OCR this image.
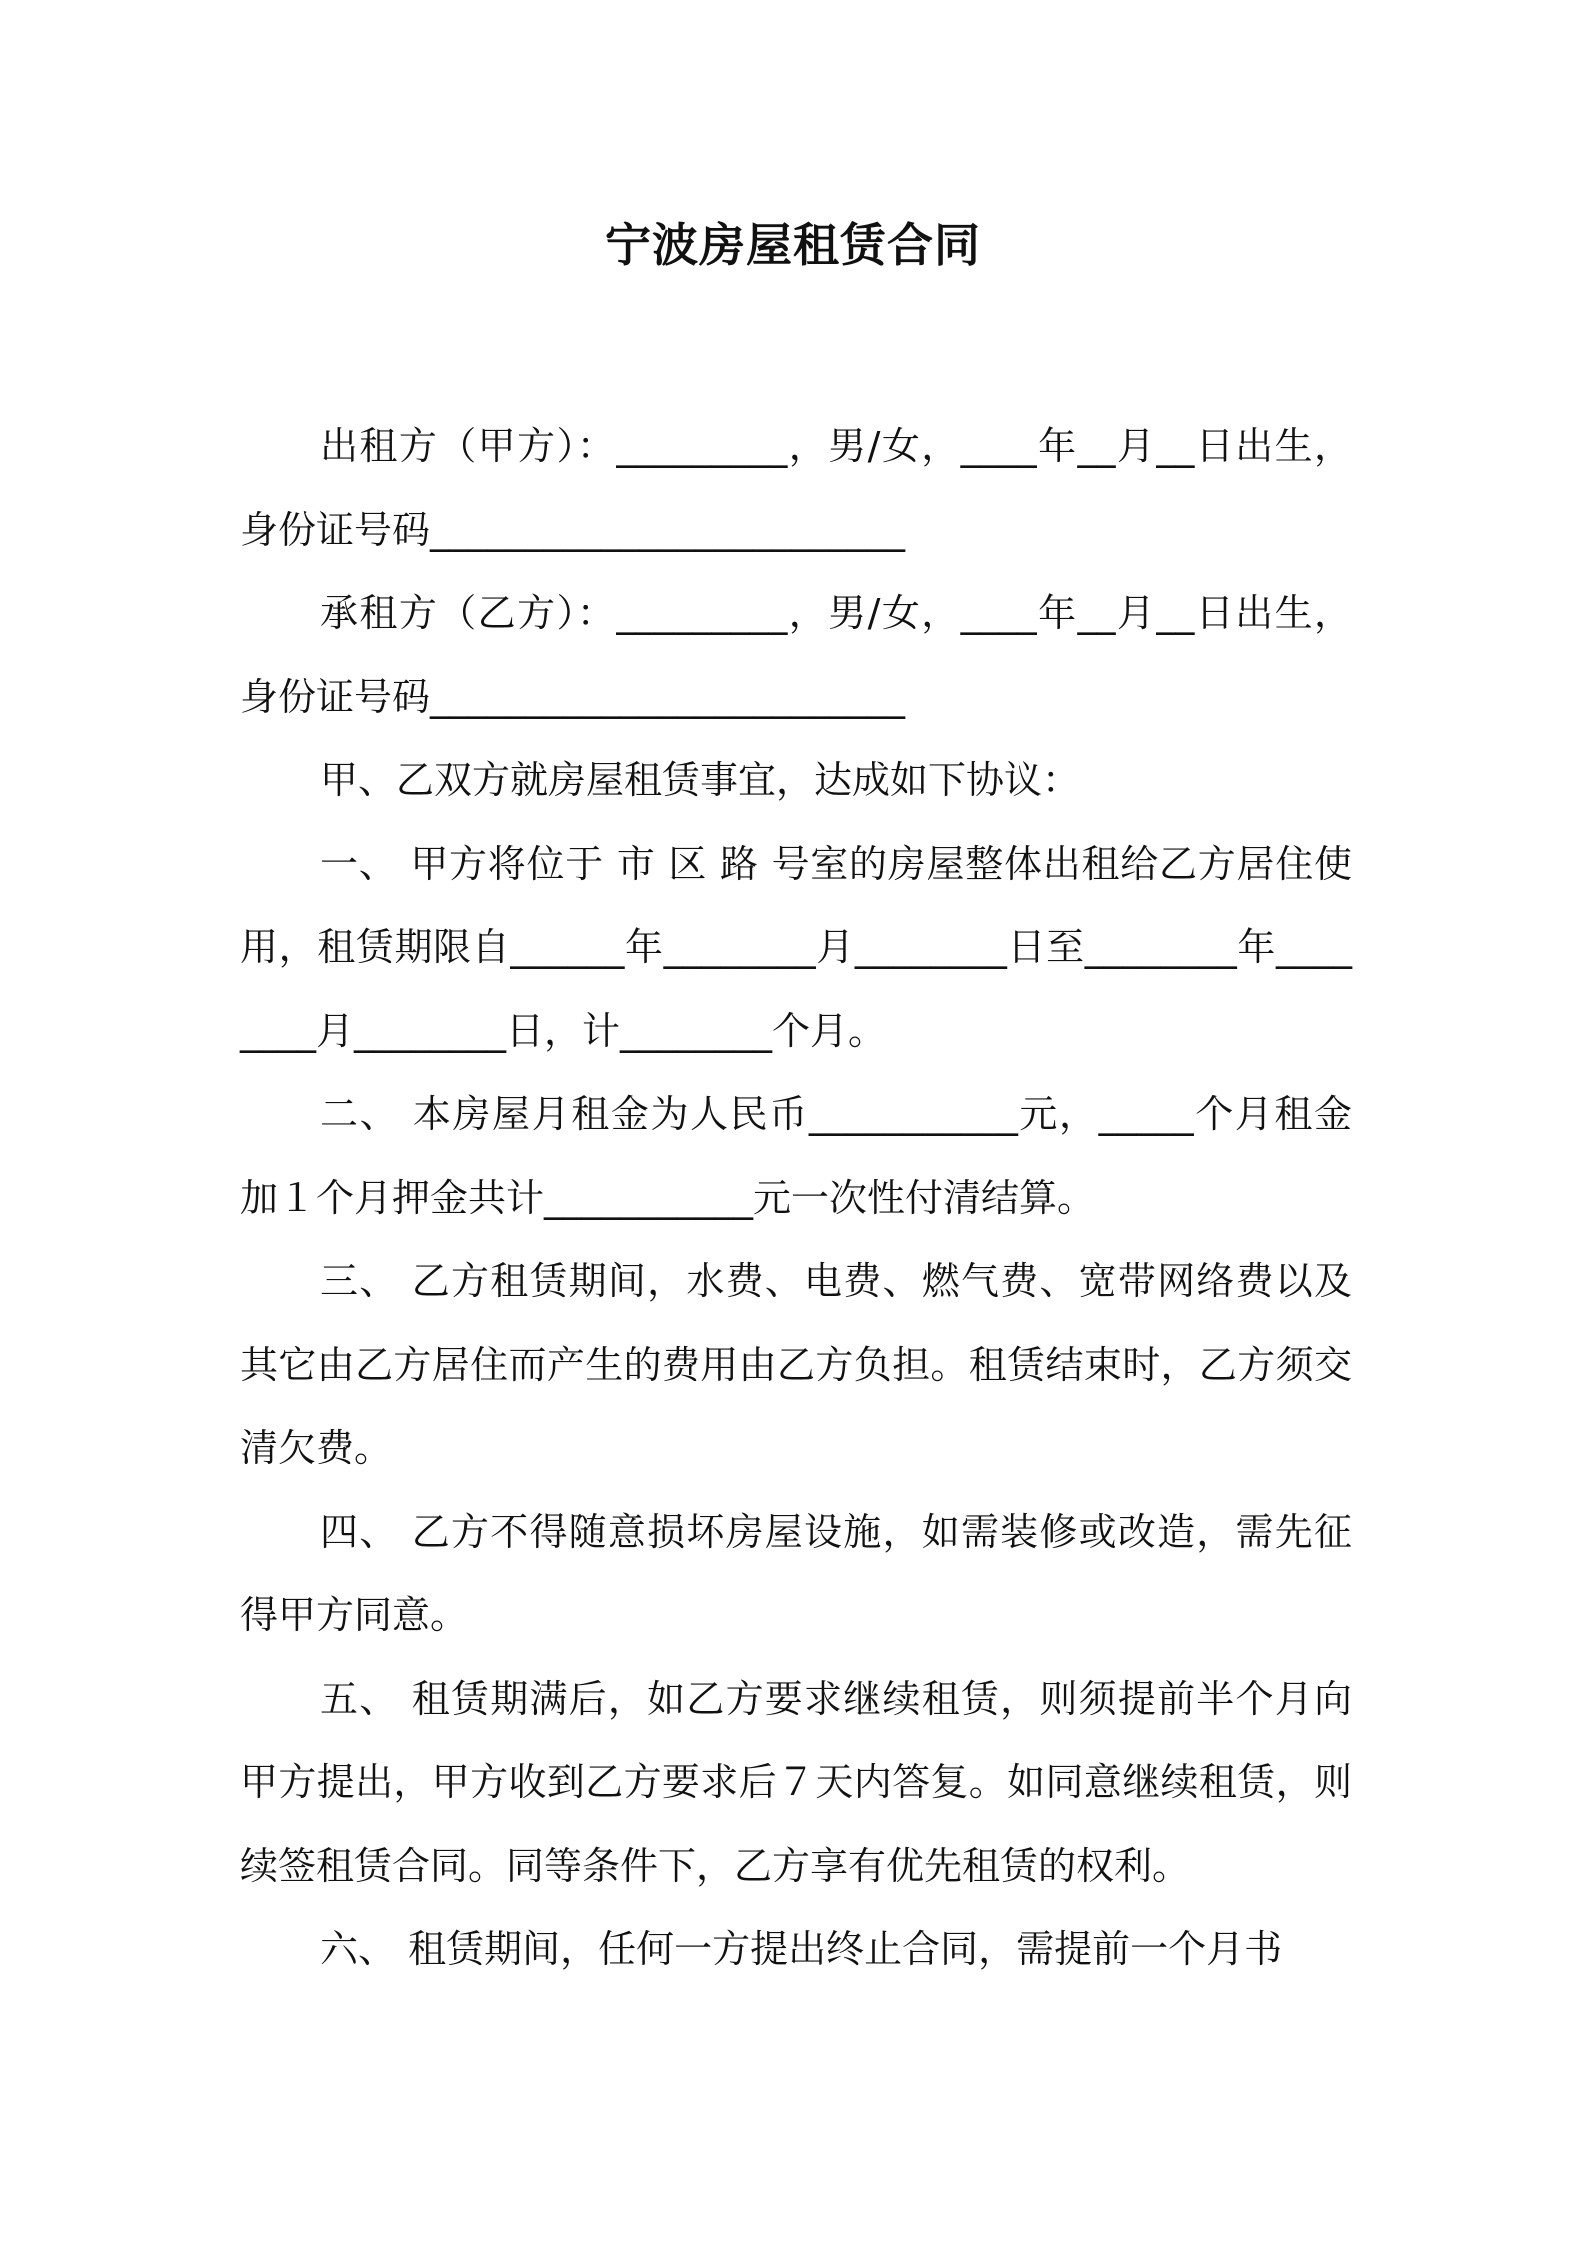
宁波房屋租赁合同

出租方（甲方）：_________，男/女，____年__月__日出生，身份证号码_________________________

承租方（乙方）：_________，男/女，____年__月__日出生，身份证号码_________________________

甲、乙双方就房屋租赁事宜，达成如下协议：

一、 甲方将位于 市 区 路 号室的房屋整体出租给乙方居住使用，租赁期限自______年________月________日至________年________月________日，计________个月。

二、 本房屋月租金为人民币___________元，_____个月租金加１个月押金共计___________元一次性付清结算。

三、 乙方租赁期间，水费、电费、燃气费、宽带网络费以及其它由乙方居住而产生的费用由乙方负担。租赁结束时，乙方须交清欠费。

四、 乙方不得随意损坏房屋设施，如需装修或改造，需先征得甲方同意。

五、 租赁期满后，如乙方要求继续租赁，则须提前半个月向甲方提出，甲方收到乙方要求后７天内答复。如同意继续租赁，则续签租赁合同。同等条件下，乙方享有优先租赁的权利。

六、 租赁期间，任何一方提出终止合同，需提前一个月书
